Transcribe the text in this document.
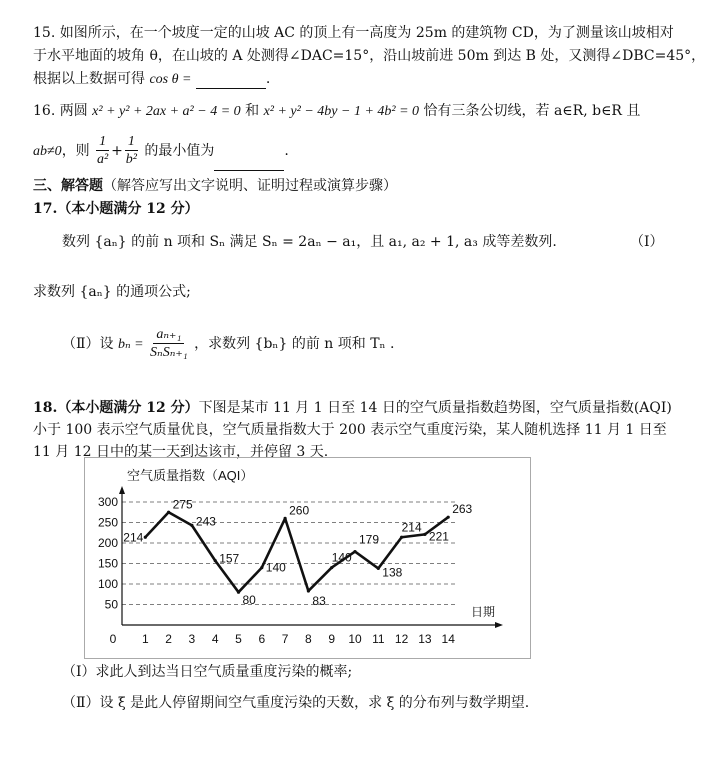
15. 如图所示，在一个坡度一定的山坡 AC 的顶上有一高度为 25m 的建筑物 CD，为了测量该山坡相对
于水平地面的坡角 θ，在山坡的 A 处测得∠DAC=15°，沿山坡前进 50m 到达 B 处，又测得∠DBC=45°，
根据以上数据可得 cos θ =	.
16. 两圆 x² + y² + 2ax + a² − 4 = 0 和 x² + y² − 4by − 1 + 4b² = 0 恰有三条公切线，若 a∈R, b∈R 且
ab≠0，则 $\frac{1}{\text{a²}} + \frac{1}{\text{b²}}$ 的最小值为	.
三、解答题（解答应写出文字说明、证明过程或演算步骤）
17.（本小题满分 12 分）
数列 {aₙ} 的前 n 项和 Sₙ 满足 Sₙ = 2aₙ − a₁，且 a₁, a₂ + 1, a₃ 成等差数列.	（Ⅰ）
求数列 {aₙ} 的通项公式;
（Ⅱ）设 $b_n = \frac{\text{aₙ₊₁}}{\text{SₙSₙ₊₁}}$ ，求数列 {bₙ} 的前 n 项和 Tₙ .
18.（本小题满分 12 分）下图是某市 11 月 1 日至 14 日的空气质量指数趋势图，空气质量指数(AQI)
小于 100 表示空气质量优良，空气质量指数大于 200 表示空气重度污染，某人随机选择 11 月 1 日至
11 月 12 日中的某一天到达该市，并停留 3 天.
空气质量指数（AQI）
50
100
150
200
250
300
0 1 2 3 4 5 6 7 8 9 10 11 12 13 14
日期
214
275
243
157
80
140
260
83
140
179
138
214
221
263
（Ⅰ）求此人到达当日空气质量重度污染的概率;
（Ⅱ）设 ξ 是此人停留期间空气重度污染的天数，求 ξ 的分布列与数学期望.
